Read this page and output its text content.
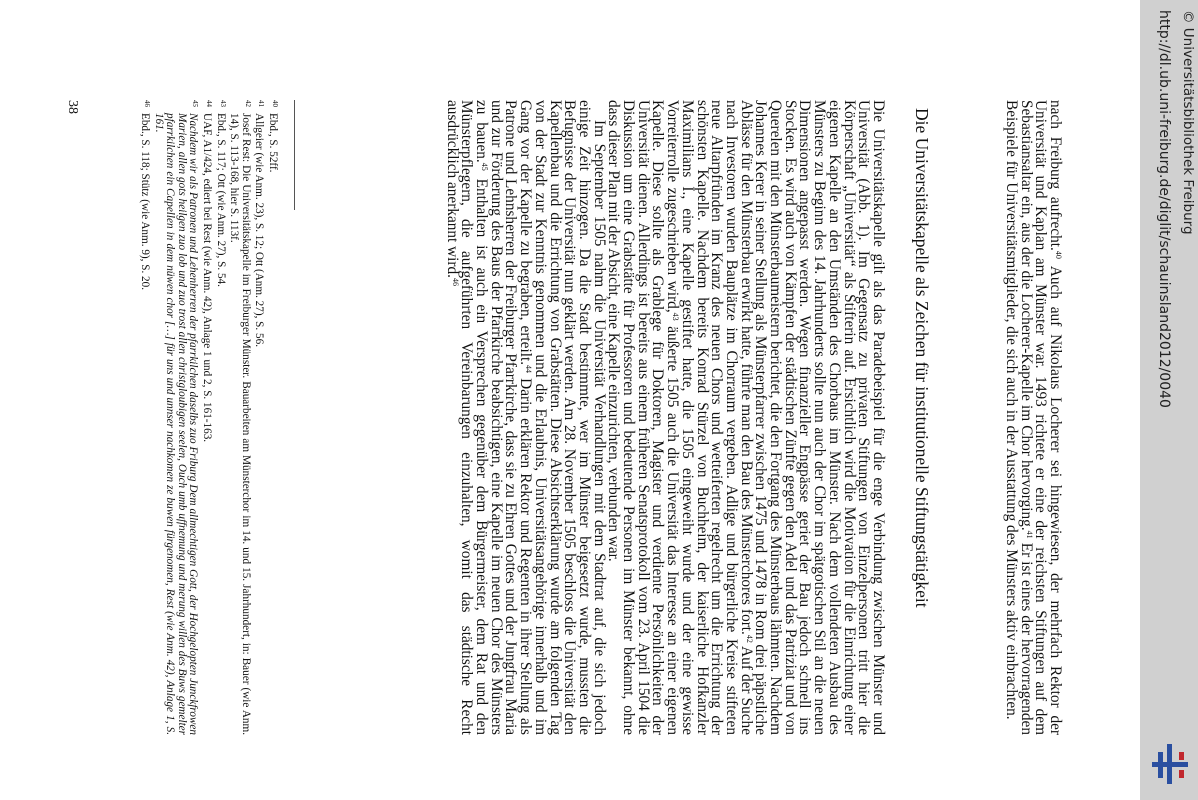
nach Freiburg aufrecht.$^{40}$ Auch auf Nikolaus Locherer sei hingewiesen, der mehrfach Rektor der Universität und Kaplan am Münster war. 1493 richtete er eine der reichsten Stiftungen auf dem Sebastiansaltar ein, aus der die Locherer-Kapelle im Chor hervorging.$^{41}$ Er ist eines der hervorragenden Beispiele für Universitätsmitglieder, die sich auch in der Ausstattung des Münsters aktiv einbrachten.

Die Universitätskapelle als Zeichen für institutionelle Stiftungstätigkeit

Die Universitätskapelle gilt als das Paradebeispiel für die enge Verbindung zwischen Münster und Universität (Abb. 1). Im Gegensatz zu privaten Stiftungen von Einzelpersonen tritt hier die Körperschaft „Universität“ als Stifterin auf. Ersichtlich wird die Motivation für die Einrichtung einer eigenen Kapelle an den Umständen des Chorbaus im Münster. Nach dem vollendeten Ausbau des Münsters zu Beginn des 14. Jahrhunderts sollte nun auch der Chor im spätgotischen Stil an die neuen Dimensionen angepasst werden. Wegen finanzieller Engpässe geriet der Bau jedoch schnell ins Stocken. Es wird auch von Kämpfen der städtischen Zünfte gegen den Adel und das Patriziat und von Querelen mit den Münsterbaumeistern berichtet, die den Fortgang des Münsterbaus lähmten. Nachdem Johannes Kerer in seiner Stellung als Münsterpfarrer zwischen 1475 und 1478 in Rom drei päpstliche Ablässe für den Münsterbau erwirkt hatte, führte man den Bau des Münsterchores fort.$^{42}$ Auf der Suche nach Investoren wurden Bauplätze im Chorraum vergeben. Adlige und bürgerliche Kreise stifteten neue Altarpfründen im Kranz des neuen Chors und wetteiferten regelrecht um die Errichtung der schönsten Kapelle. Nachdem bereits Konrad Stürzel von Buchheim, der kaiserliche Hofkanzler Maximilians I., eine Kapelle gestiftet hatte, die 1505 eingeweiht wurde und der eine gewisse Vorreiterrolle zugeschrieben wird,$^{43}$ äußerte 1505 auch die Universität das Interesse an einer eigenen Kapelle. Diese sollte als Grablege für Doktoren, Magister und verdiente Persönlichkeiten der Universität dienen. Allerdings ist bereits aus einem früheren Senatsprotokoll vom 23. April 1504 die Diskussion um eine Grabstätte für Professoren und bedeutende Personen im Münster bekannt, ohne dass dieser Plan mit der Absicht, eine Kapelle einzurichten, verbunden war.

Im September 1505 nahm die Universität Verhandlungen mit dem Stadtrat auf, die sich jedoch einige Zeit hinzogen. Da die Stadt bestimmte, wer im Münster beigesetzt wurde, mussten die Befugnisse der Universität nun geklärt werden. Am 28. November 1505 beschloss die Universität den Kapellenbau und die Errichtung von Grabstätten. Diese Absichtserklärung wurde am folgenden Tag von der Stadt zur Kenntnis genommen und die Erlaubnis, Universitätsangehörige innerhalb und im Gang vor der Kapelle zu begraben, erteilt.$^{44}$ Darin erklären Rektor und Regenten in ihrer Stellung als Patrone und Lehnsherren der Freiburger Pfarrkirche, dass sie zu Ehren Gottes und der Jungfrau Maria und zur Förderung des Baus der Pfarrkirche beabsichtigen, eine Kapelle im neuen Chor des Münsters zu bauen.$^{45}$ Enthalten ist auch ein Versprechen gegenüber dem Bürgermeister, dem Rat und den Münsterpflegern, die aufgeführten Vereinbarungen einzuhalten, womit das städtische Recht ausdrücklich anerkannt wird.$^{46}$

40Ebd., S. 52ff.

41Allgeier (wie Anm. 23), S. 12; Ott (Anm. 27), S. 56.

42Josef Rest: Die Universitätskapelle im Freiburger Münster. Bauarbeiten am Münsterchor im 14. und 15. Jahrhundert, in: Bauer (wie Anm. 14), S. 113-168, hier S. 113f.

43Ebd., S. 117; Ott (wie Anm. 27), S. 54.

44UAF, A1/424, ediert bei Rest (wie Anm. 42), Anlage 1 und 2, S. 161-163.

45Nachdem wir als Patronen und Lehenherren der pfarrkilchen daselbs zuo Friburg Dem allmechtigen Gott, der Hochgelopten Junckfrowen Marien, allen gots heilgen zuo lob und zuo trost allen christgloubigen seelen, Ouch umb uffnemung und merung willen des Buws gemelter pfarrkilchen ein Capellen in dem nüwen chor […] für uns und unnser nachkomen ze buwen fürgenomen, Rest (wie Anm. 42), Anlage 1, S. 161.

46Ebd., S. 118; Stütz (wie Anm. 9), S. 20.

38	http://dl.ub.uni-freiburg.de/diglit/schauinsland2012/0040 © Universitätsbibliothek Freiburg
